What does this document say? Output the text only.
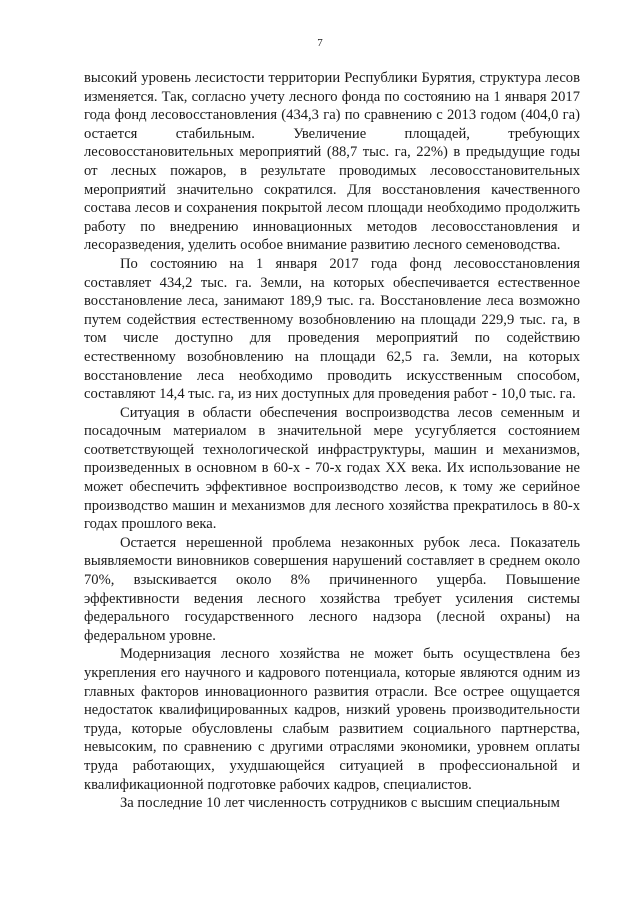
7

высокий уровень лесистости территории Республики Бурятия, структура лесов изменяется. Так, согласно учету лесного фонда по состоянию на 1 января 2017 года фонд лесовосстановления (434,3 га) по сравнению с 2013 годом (404,0 га) остается стабильным. Увеличение площадей, требующих лесовосстановительных мероприятий (88,7 тыс. га, 22%) в предыдущие годы от лесных пожаров, в результате проводимых лесовосстановительных мероприятий значительно сократился. Для восстановления качественного состава лесов и сохранения покрытой лесом площади необходимо продолжить работу по внедрению инновационных методов лесовосстановления и лесоразведения, уделить особое внимание развитию лесного семеноводства.

По состоянию на 1 января 2017 года фонд лесовосстановления составляет 434,2 тыс. га. Земли, на которых обеспечивается естественное восстановление леса, занимают 189,9 тыс. га. Восстановление леса возможно путем содействия естественному возобновлению на площади 229,9 тыс. га, в том числе доступно для проведения мероприятий по содействию естественному возобновлению на площади 62,5 га. Земли, на которых восстановление леса необходимо проводить искусственным способом, составляют 14,4 тыс. га, из них доступных для проведения работ - 10,0 тыс. га.

Ситуация в области обеспечения воспроизводства лесов семенным и посадочным материалом в значительной мере усугубляется состоянием соответствующей технологической инфраструктуры, машин и механизмов, произведенных в основном в 60-х - 70-х годах XX века. Их использование не может обеспечить эффективное воспроизводство лесов, к тому же серийное производство машин и механизмов для лесного хозяйства прекратилось в 80-х годах прошлого века.

Остается нерешенной проблема незаконных рубок леса. Показатель выявляемости виновников совершения нарушений составляет в среднем около 70%, взыскивается около 8% причиненного ущерба. Повышение эффективности ведения лесного хозяйства требует усиления системы федерального государственного лесного надзора (лесной охраны) на федеральном уровне.

Модернизация лесного хозяйства не может быть осуществлена без укрепления его научного и кадрового потенциала, которые являются одним из главных факторов инновационного развития отрасли. Все острее ощущается недостаток квалифицированных кадров, низкий уровень производительности труда, которые обусловлены слабым развитием социального партнерства, невысоким, по сравнению с другими отраслями экономики, уровнем оплаты труда работающих, ухудшающейся ситуацией в профессиональной и квалификационной подготовке рабочих кадров, специалистов.

За последние 10 лет численность сотрудников с высшим специальным
